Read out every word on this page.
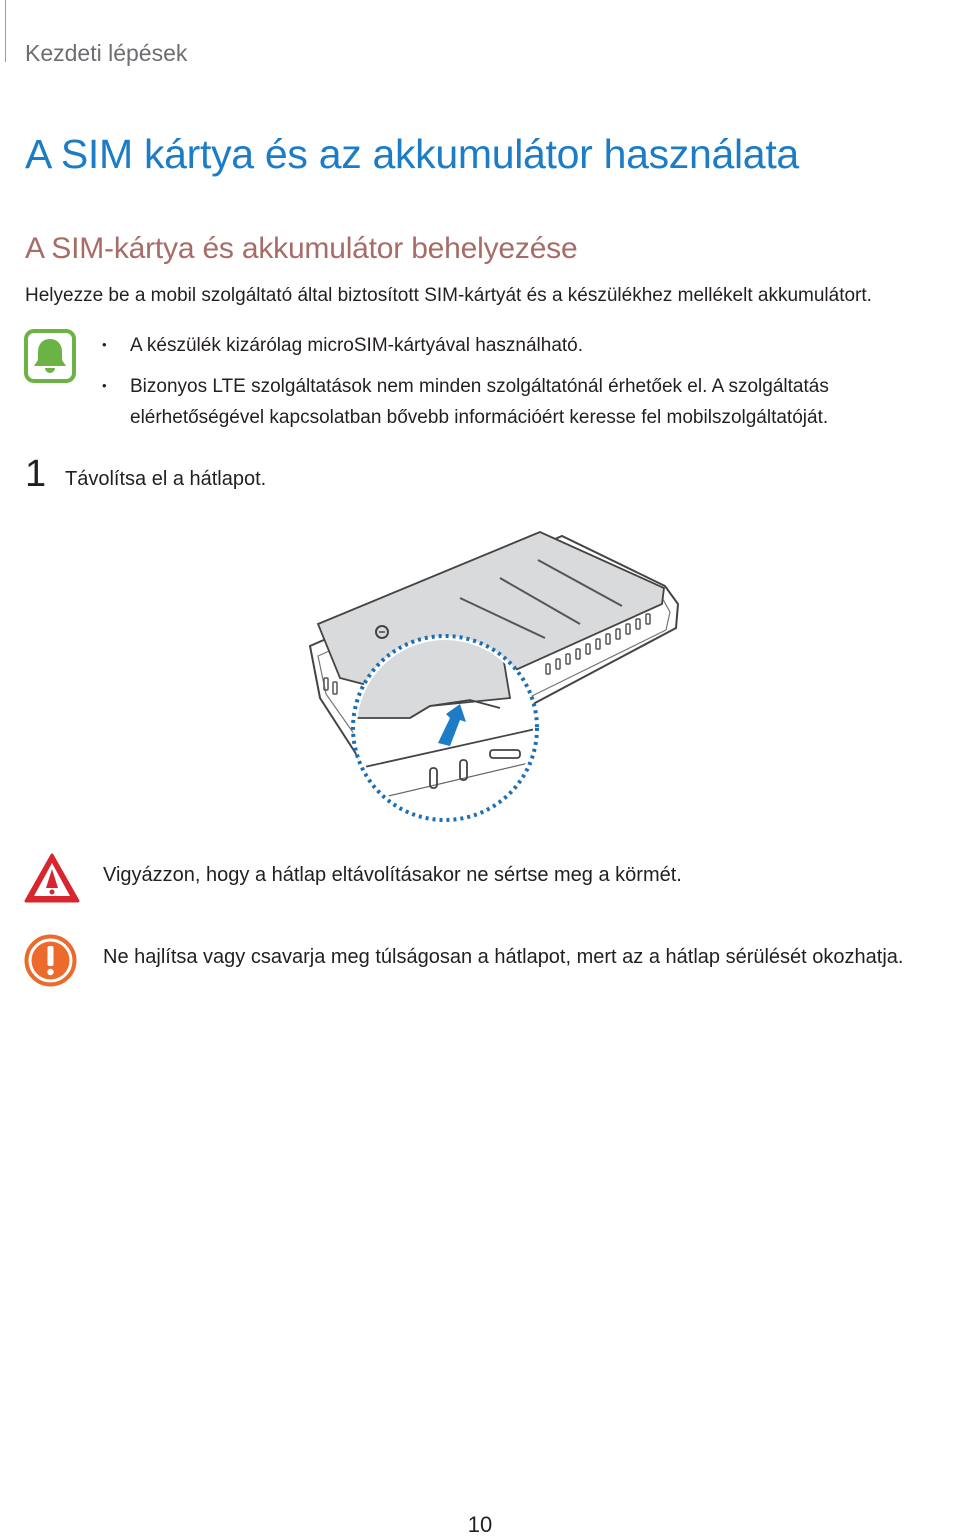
Kezdeti lépések
A SIM kártya és az akkumulátor használata
A SIM-kártya és akkumulátor behelyezése

Helyezze be a mobil szolgáltató által biztosított SIM-kártyát és a készülékhez mellékelt akkumulátort.

• A készülék kizárólag microSIM-kártyával használható.
• Bizonyos LTE szolgáltatások nem minden szolgáltatónál érhetőek el. A szolgáltatás elérhetőségével kapcsolatban bővebb információért keresse fel mobilszolgáltatóját.
1 Távolítsa el a hátlapot.
Vigyázzon, hogy a hátlap eltávolításakor ne sértse meg a körmét.
Ne hajlítsa vagy csavarja meg túlságosan a hátlapot, mert az a hátlap sérülését okozhatja.
10
